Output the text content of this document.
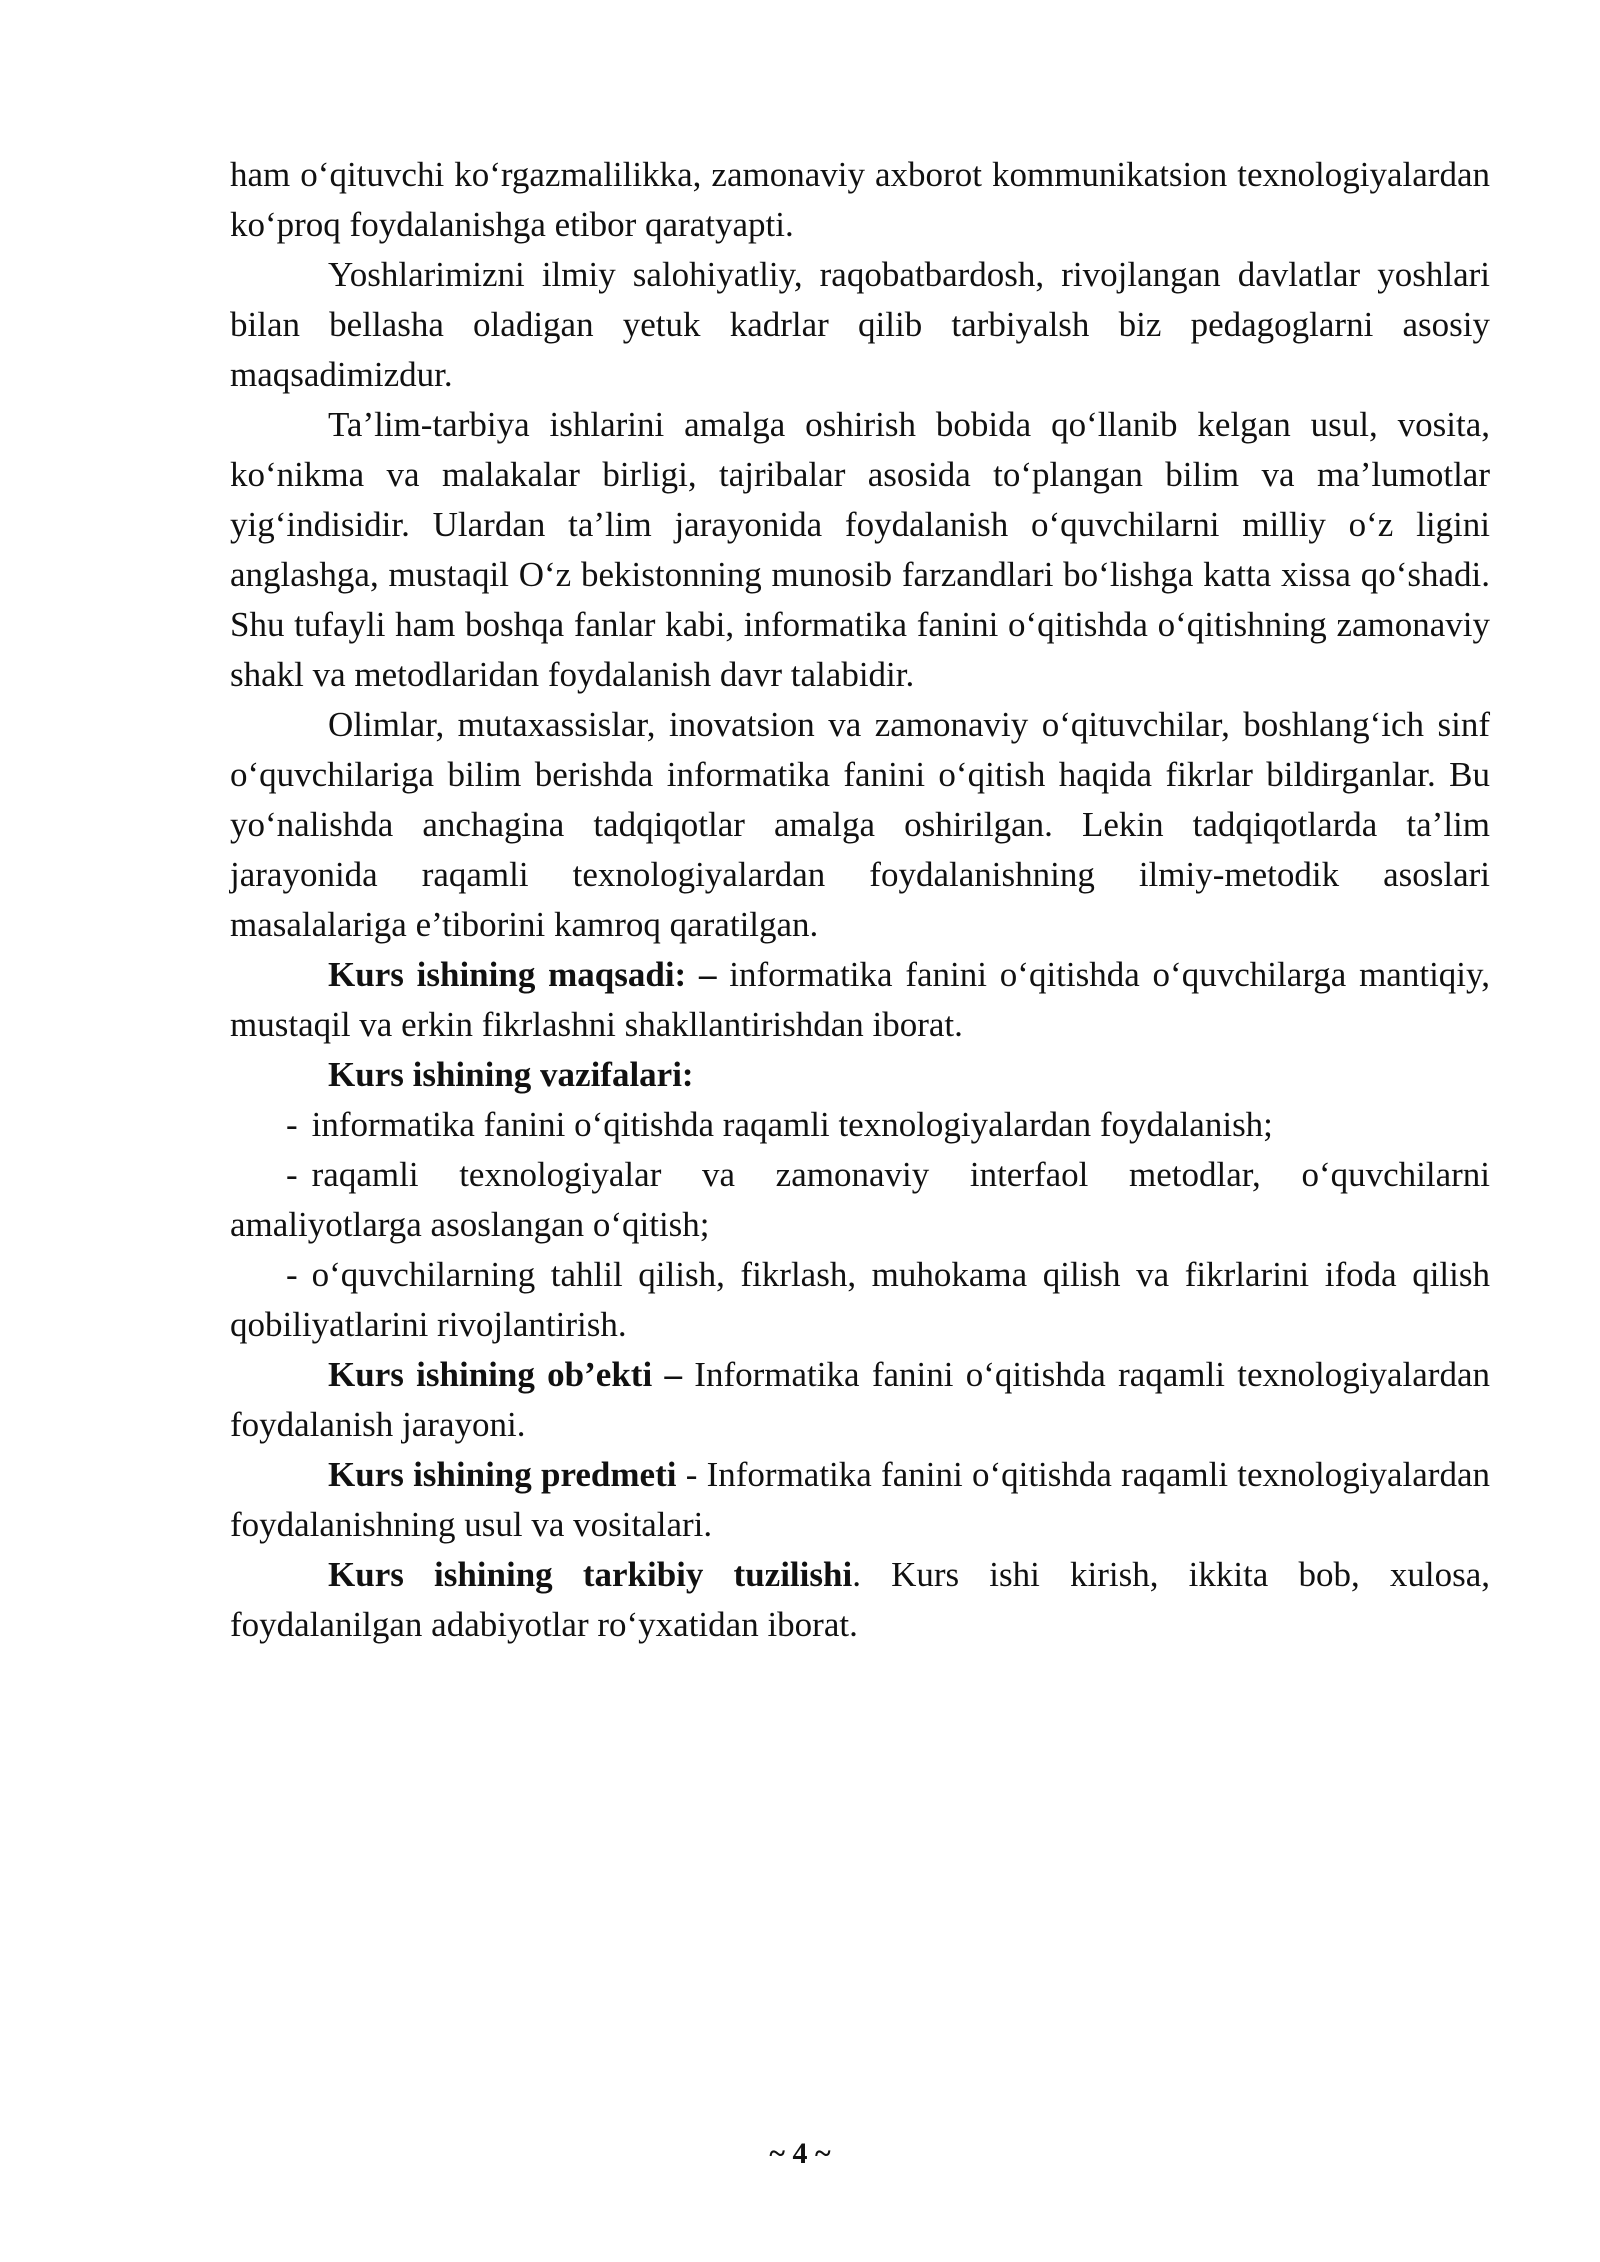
ham o‘qituvchi ko‘rgazmalilikka, zamonaviy axborot kommunikatsion texnologiyalardan ko‘proq foydalanishga etibor qaratyapti.

Yoshlarimizni ilmiy salohiyatliy, raqobatbardosh, rivojlangan davlatlar yoshlari bilan bellasha oladigan yetuk kadrlar qilib tarbiyalsh biz pedagoglarni asosiy maqsadimizdur.

Ta’lim-tarbiya ishlarini amalga oshirish bobida qo‘llanib kelgan usul, vosita, ko‘nikma va malakalar birligi, tajribalar asosida to‘plangan bilim va ma’lumotlar yig‘indisidir. Ulardan ta’lim jarayonida foydalanish o‘quvchilarni milliy o‘z ligini anglashga, mustaqil O‘z bekistonning munosib farzandlari bo‘lishga katta xissa qo‘shadi. Shu tufayli ham boshqa fanlar kabi, informatika fanini o‘qitishda o‘qitishning zamonaviy shakl va metodlaridan foydalanish davr talabidir.

Olimlar, mutaxassislar, inovatsion va zamonaviy o‘qituvchilar, boshlang‘ich sinf o‘quvchilariga bilim berishda informatika fanini o‘qitish haqida fikrlar bildirganlar. Bu yo‘nalishda anchagina tadqiqotlar amalga oshirilgan. Lekin tadqiqotlarda ta’lim jarayonida raqamli texnologiyalardan foydalanishning ilmiy-metodik asoslari masalalariga e’tiborini kamroq qaratilgan.

Kurs ishining maqsadi: – informatika fanini o‘qitishda o‘quvchilarga mantiqiy, mustaqil va erkin fikrlashni shakllantirishdan iborat.

Kurs ishining vazifalari:

- informatika fanini o‘qitishda raqamli texnologiyalardan foydalanish;

- raqamli texnologiyalar va zamonaviy interfaol metodlar, o‘quvchilarni amaliyotlarga asoslangan o‘qitish;

- o‘quvchilarning tahlil qilish, fikrlash, muhokama qilish va fikrlarini ifoda qilish qobiliyatlarini rivojlantirish.

Kurs ishining ob’ekti – Informatika fanini o‘qitishda raqamli texnologiyalardan foydalanish jarayoni.

Kurs ishining predmeti - Informatika fanini o‘qitishda raqamli texnologiyalardan foydalanishning usul va vositalari.

Kurs ishining tarkibiy tuzilishi. Kurs ishi kirish, ikkita bob, xulosa, foydalanilgan adabiyotlar ro‘yxatidan iborat.

~ 4 ~
